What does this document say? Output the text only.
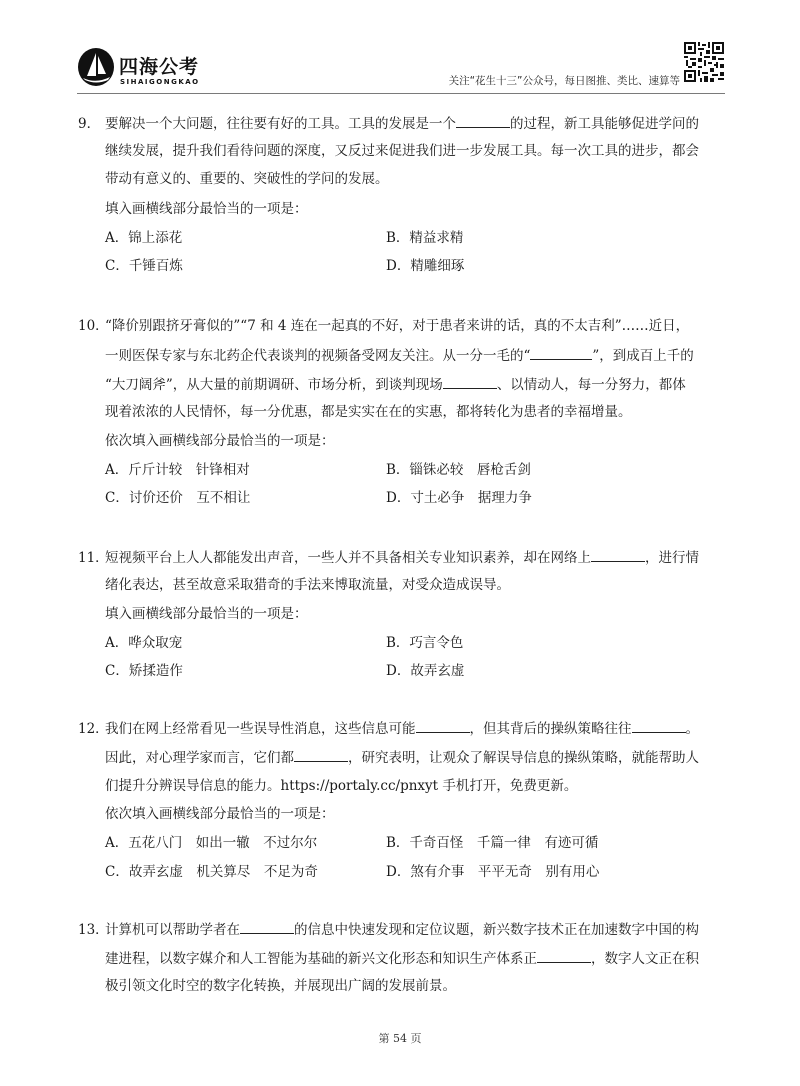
四海公考
SIHAIGONGKAO	关注“花生十三”公众号，每日图推、类比、速算等
9． 要解决一个大问题，往往要有好的工具。工具的发展是一个	的过程，新工具能够促进学问的
继续发展，提升我们看待问题的深度，又反过来促进我们进一步发展工具。每一次工具的进步，都会
带动有意义的、重要的、突破性的学问的发展。
填入画横线部分最恰当的一项是：
A．锦上添花	B．精益求精
C．千锤百炼	D．精雕细琢
10．“降价别跟挤牙膏似的”“7 和 4 连在一起真的不好，对于患者来讲的话，真的不太吉利”……近日，
一则医保专家与东北药企代表谈判的视频备受网友关注。从一分一毛的“	”，到成百上千的
“大刀阔斧”，从大量的前期调研、市场分析，到谈判现场	、以情动人，每一分努力，都体
现着浓浓的人民情怀，每一分优惠，都是实实在在的实惠，都将转化为患者的幸福增量。
依次填入画横线部分最恰当的一项是：
A．斤斤计较　针锋相对	B．锱铢必较　唇枪舌剑
C．讨价还价　互不相让	D．寸土必争　据理力争
11．短视频平台上人人都能发出声音，一些人并不具备相关专业知识素养，却在网络上	，进行情
绪化表达，甚至故意采取猎奇的手法来博取流量，对受众造成误导。
填入画横线部分最恰当的一项是：
A．哗众取宠	B．巧言令色
C．矫揉造作	D．故弄玄虚
12．我们在网上经常看见一些误导性消息，这些信息可能	，但其背后的操纵策略往往	。
因此，对心理学家而言，它们都	，研究表明，让观众了解误导信息的操纵策略，就能帮助人
们提升分辨误导信息的能力。https://portaly.cc/pnxyt 手机打开，免费更新。
依次填入画横线部分最恰当的一项是：
A．五花八门　如出一辙　不过尔尔	B．千奇百怪　千篇一律　有迹可循
C．故弄玄虚　机关算尽　不足为奇	D．煞有介事　平平无奇　别有用心
13．计算机可以帮助学者在	的信息中快速发现和定位议题，新兴数字技术正在加速数字中国的构
建进程，以数字媒介和人工智能为基础的新兴文化形态和知识生产体系正	，数字人文正在积
极引领文化时空的数字化转换，并展现出广阔的发展前景。
第 54 页
